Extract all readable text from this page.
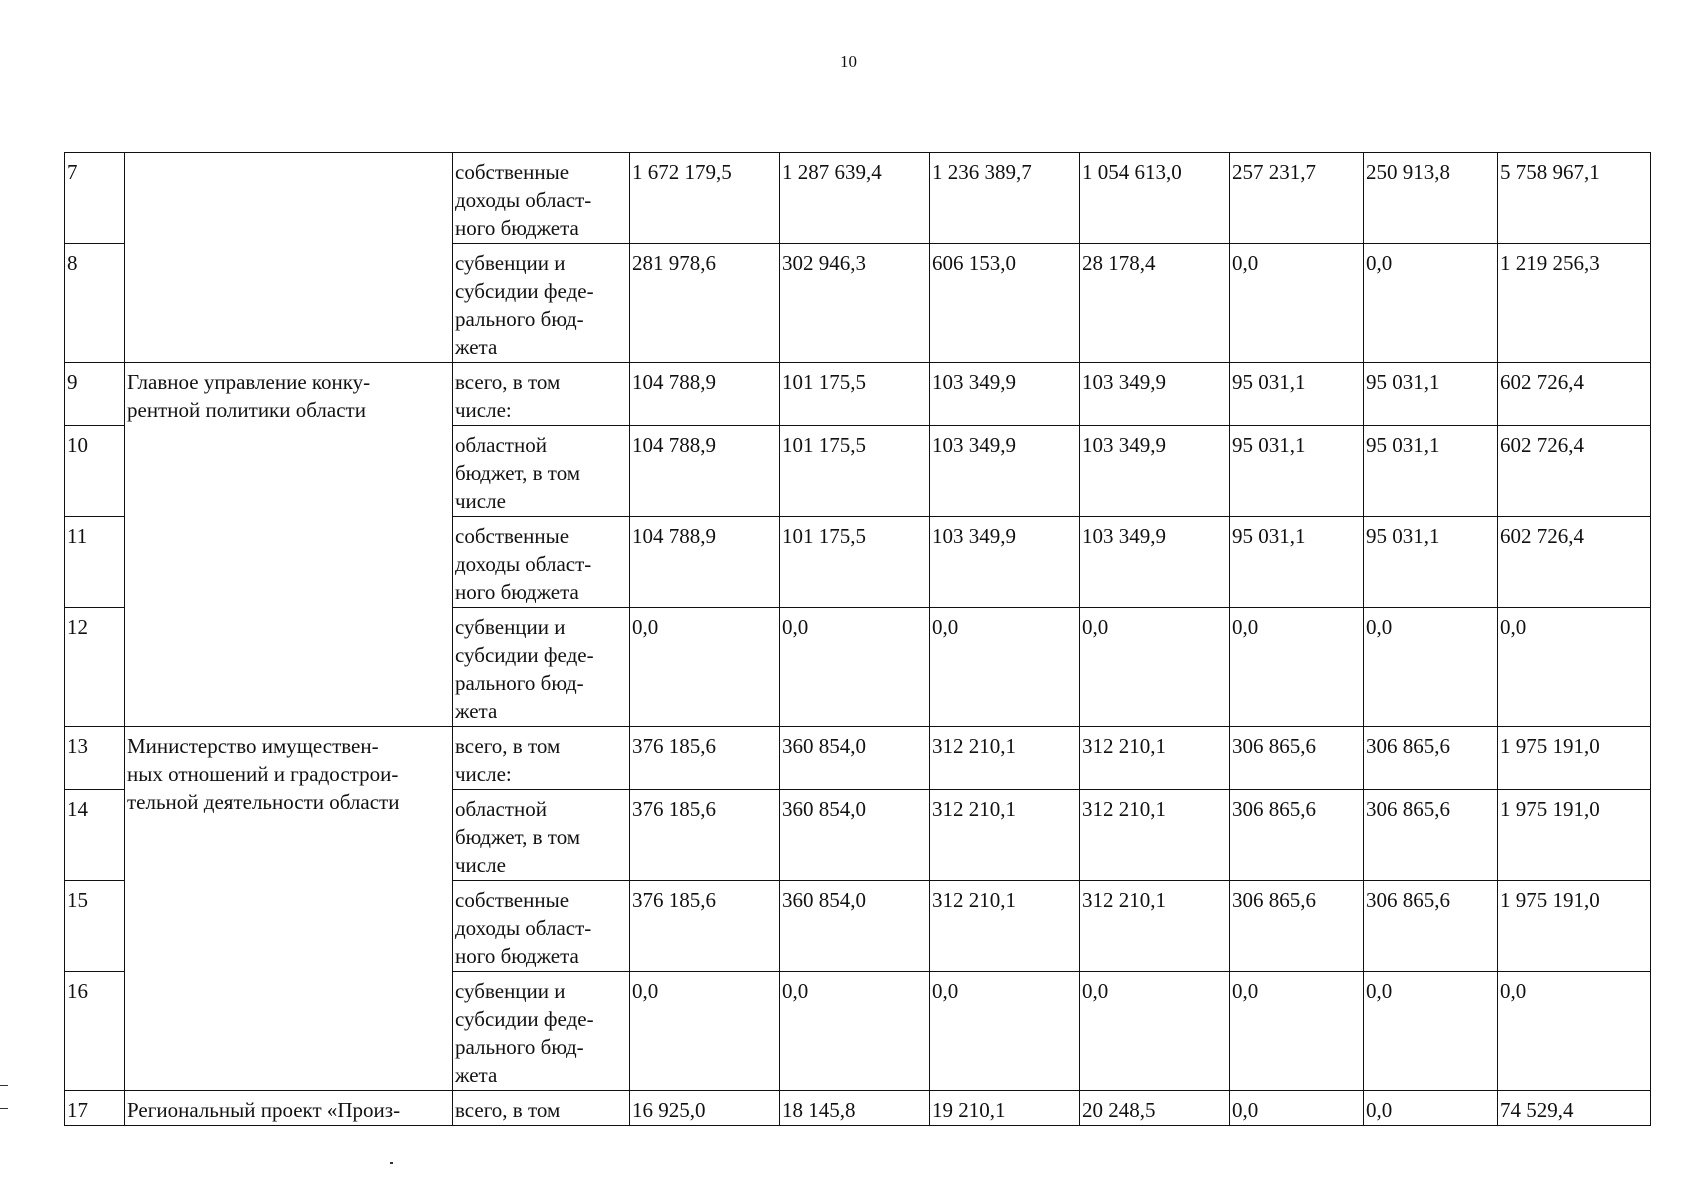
10
7		собственные
доходы област-
ного бюджета	1 672 179,5	1 287 639,4	1 236 389,7	1 054 613,0	257 231,7	250 913,8	5 758 967,1
8		субвенции и
субсидии феде-
рального бюд-
жета	281 978,6	302 946,3	606 153,0	28 178,4	0,0	0,0	1 219 256,3
9	Главное управление конку-
рентной политики области	всего, в том
числе:	104 788,9	101 175,5	103 349,9	103 349,9	95 031,1	95 031,1	602 726,4
10		областной
бюджет, в том
числе	104 788,9	101 175,5	103 349,9	103 349,9	95 031,1	95 031,1	602 726,4
11		собственные
доходы област-
ного бюджета	104 788,9	101 175,5	103 349,9	103 349,9	95 031,1	95 031,1	602 726,4
12		субвенции и
субсидии феде-
рального бюд-
жета	0,0	0,0	0,0	0,0	0,0	0,0	0,0
13	Министерство имуществен-
ных отношений и градострои-
тельной деятельности области	всего, в том
числе:	376 185,6	360 854,0	312 210,1	312 210,1	306 865,6	306 865,6	1 975 191,0
14		областной
бюджет, в том
числе	376 185,6	360 854,0	312 210,1	312 210,1	306 865,6	306 865,6	1 975 191,0
15		собственные
доходы област-
ного бюджета	376 185,6	360 854,0	312 210,1	312 210,1	306 865,6	306 865,6	1 975 191,0
16		субвенции и
субсидии феде-
рального бюд-
жета	0,0	0,0	0,0	0,0	0,0	0,0	0,0
17	Региональный проект «Произ-	всего, в том	16 925,0	18 145,8	19 210,1	20 248,5	0,0	0,0	74 529,4
